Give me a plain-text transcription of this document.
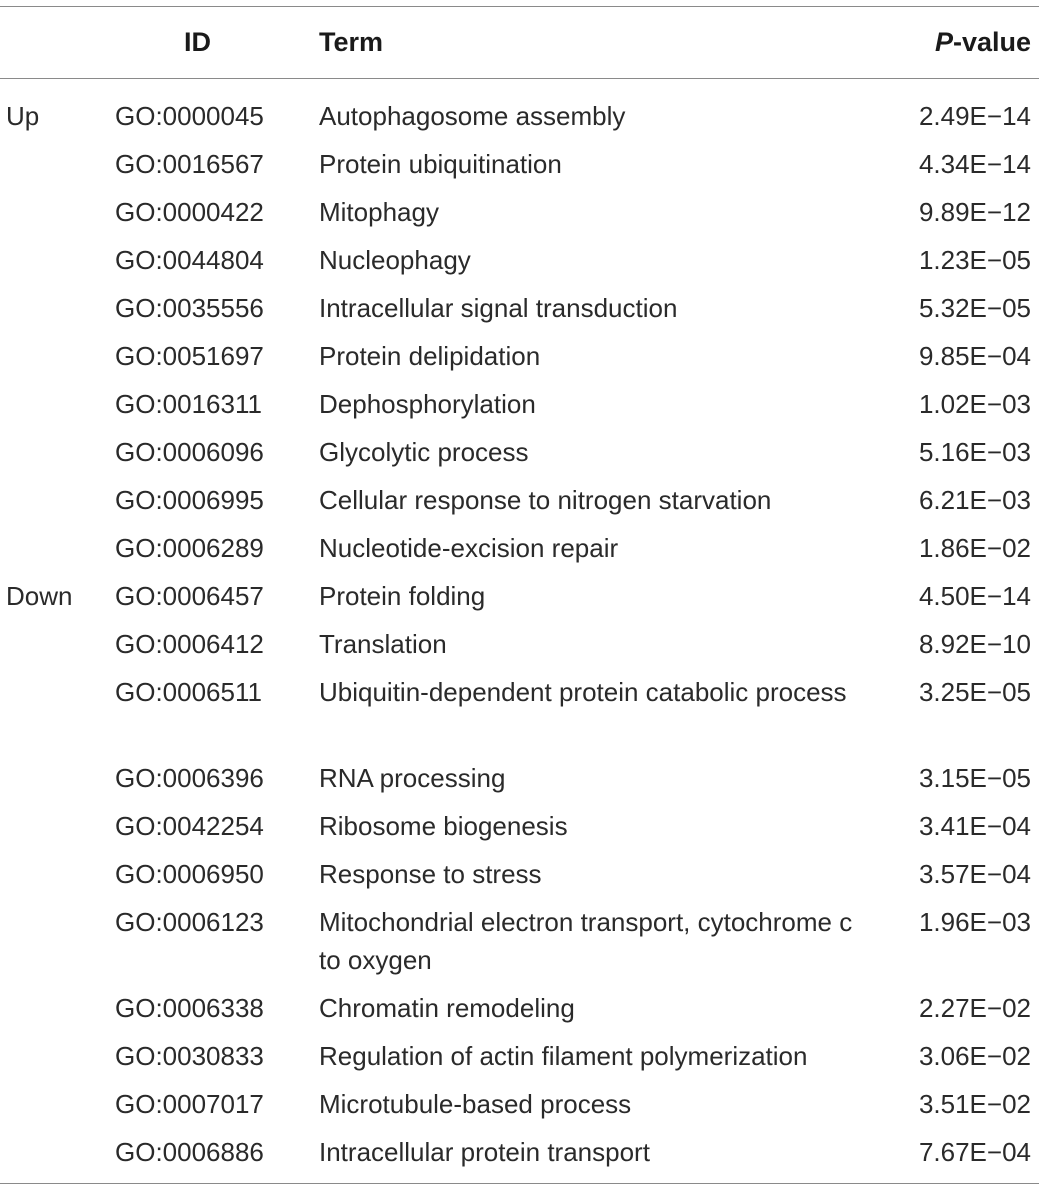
	ID	Term	P-value
Up	GO:0000045	Autophagosome assembly	2.49E−14
	GO:0016567	Protein ubiquitination	4.34E−14
	GO:0000422	Mitophagy	9.89E−12
	GO:0044804	Nucleophagy	1.23E−05
	GO:0035556	Intracellular signal transduction	5.32E−05
	GO:0051697	Protein delipidation	9.85E−04
	GO:0016311	Dephosphorylation	1.02E−03
	GO:0006096	Glycolytic process	5.16E−03
	GO:0006995	Cellular response to nitrogen starvation	6.21E−03
	GO:0006289	Nucleotide-excision repair	1.86E−02
Down	GO:0006457	Protein folding	4.50E−14
	GO:0006412	Translation	8.92E−10
	GO:0006511	Ubiquitin-dependent protein catabolic process	3.25E−05
	GO:0006396	RNA processing	3.15E−05
	GO:0042254	Ribosome biogenesis	3.41E−04
	GO:0006950	Response to stress	3.57E−04
	GO:0006123	Mitochondrial electron transport, cytochrome c to oxygen	1.96E−03
	GO:0006338	Chromatin remodeling	2.27E−02
	GO:0030833	Regulation of actin filament polymerization	3.06E−02
	GO:0007017	Microtubule-based process	3.51E−02
	GO:0006886	Intracellular protein transport	7.67E−04
